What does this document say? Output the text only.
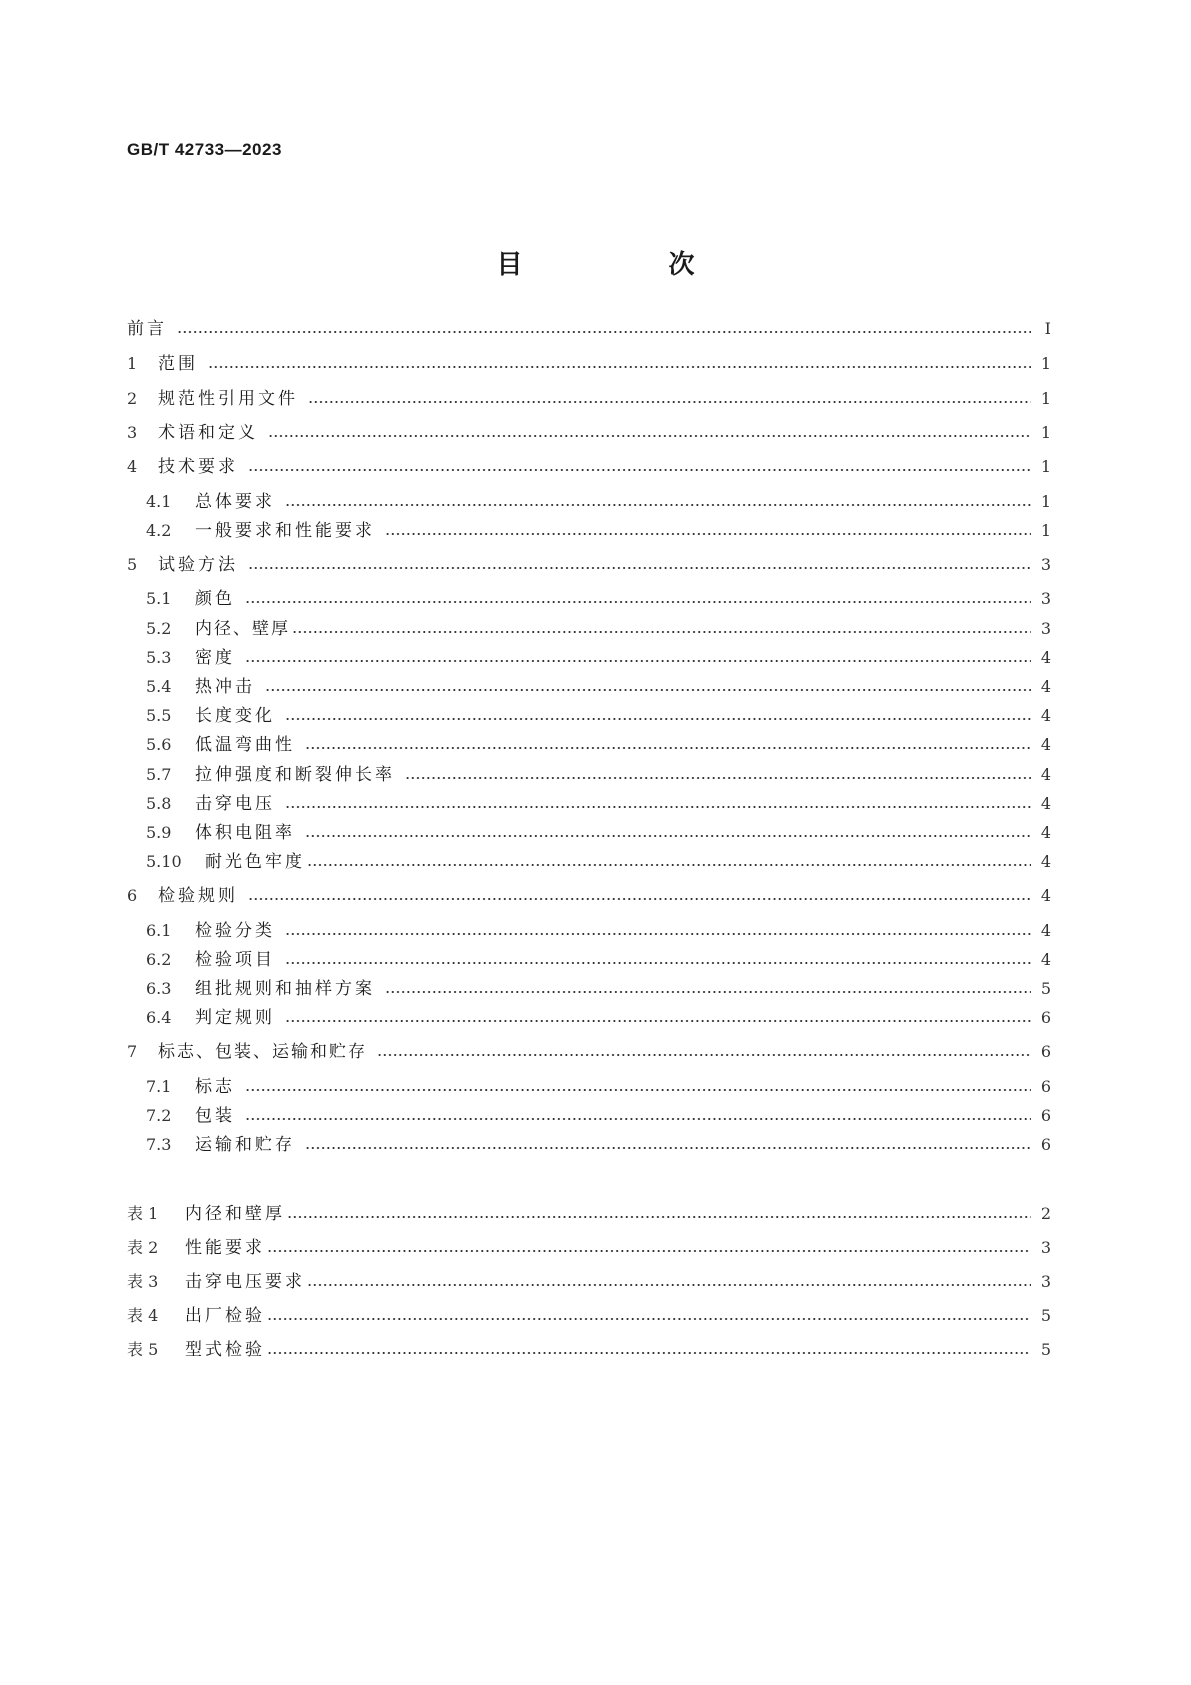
GB/T 42733—2023
目　次
前言	Ⅰ
1	范围	1
2	规范性引用文件	1
3	术语和定义	1
4	技术要求	1
4.1	总体要求	1
4.2	一般要求和性能要求	1
5	试验方法	3
5.1	颜色	3
5.2	内径、壁厚	3
5.3	密度	4
5.4	热冲击	4
5.5	长度变化	4
5.6	低温弯曲性	4
5.7	拉伸强度和断裂伸长率	4
5.8	击穿电压	4
5.9	体积电阻率	4
5.10	耐光色牢度	4
6	检验规则	4
6.1	检验分类	4
6.2	检验项目	4
6.3	组批规则和抽样方案	5
6.4	判定规则	6
7	标志、包装、运输和贮存	6
7.1	标志	6
7.2	包装	6
7.3	运输和贮存	6
表 1	内径和壁厚	2
表 2	性能要求	3
表 3	击穿电压要求	3
表 4	出厂检验	5
表 5	型式检验	5
